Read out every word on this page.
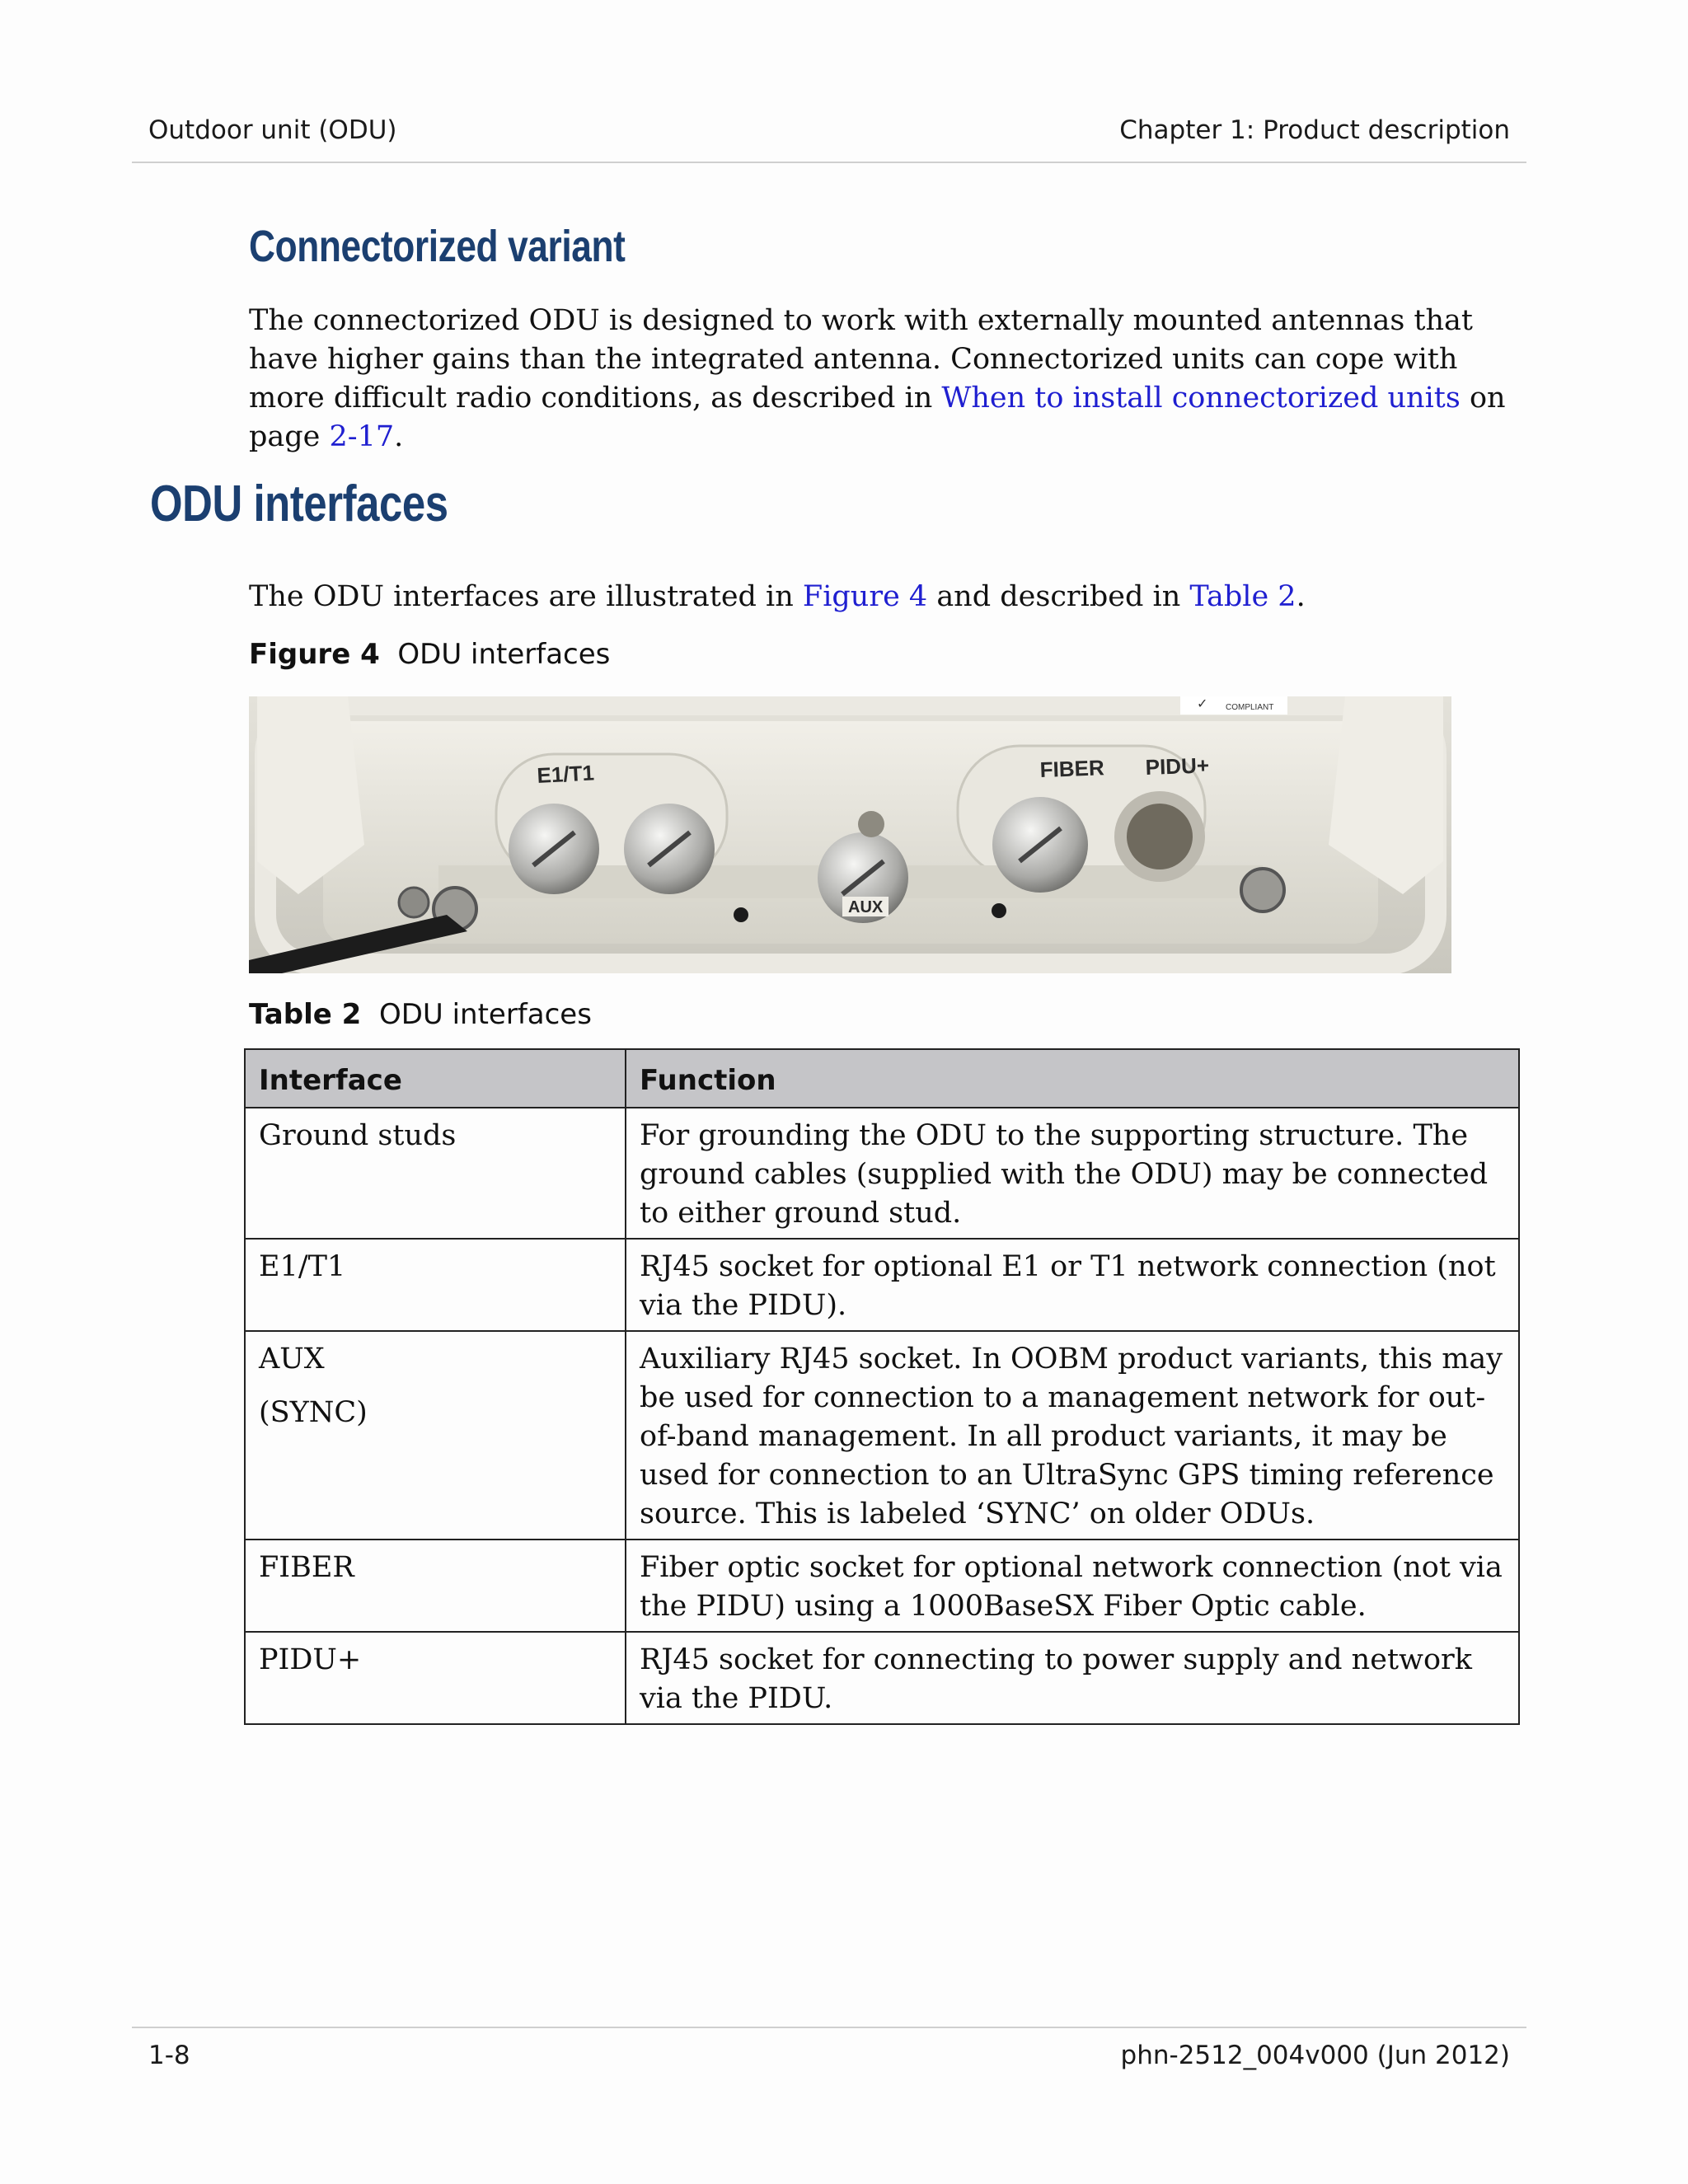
Outdoor unit (ODU)	Chapter 1: Product description
Connectorized variant

The connectorized ODU is designed to work with externally mounted antennas that have higher gains than the integrated antenna. Connectorized units can cope with more difficult radio conditions, as described in When to install connectorized units on page 2-17.

ODU interfaces

The ODU interfaces are illustrated in Figure 4 and described in Table 2.

Figure 4 ODU interfaces
✓ COMPLIANT
E1/T1	FIBER PIDU+
AUX
Table 2 ODU interfaces
Interface	Function
Ground studs	For grounding the ODU to the supporting structure. The ground cables (supplied with the ODU) may be connected to either ground stud.
E1/T1	RJ45 socket for optional E1 or T1 network connection (not via the PIDU).
AUX
(SYNC)	Auxiliary RJ45 socket. In OOBM product variants, this may be used for connection to a management network for out-of-band management. In all product variants, it may be used for connection to an UltraSync GPS timing reference source. This is labeled ‘SYNC’ on older ODUs.
FIBER	Fiber optic socket for optional network connection (not via the PIDU) using a 1000BaseSX Fiber Optic cable.
PIDU+	RJ45 socket for connecting to power supply and network via the PIDU.
1-8	phn-2512_004v000 (Jun 2012)
